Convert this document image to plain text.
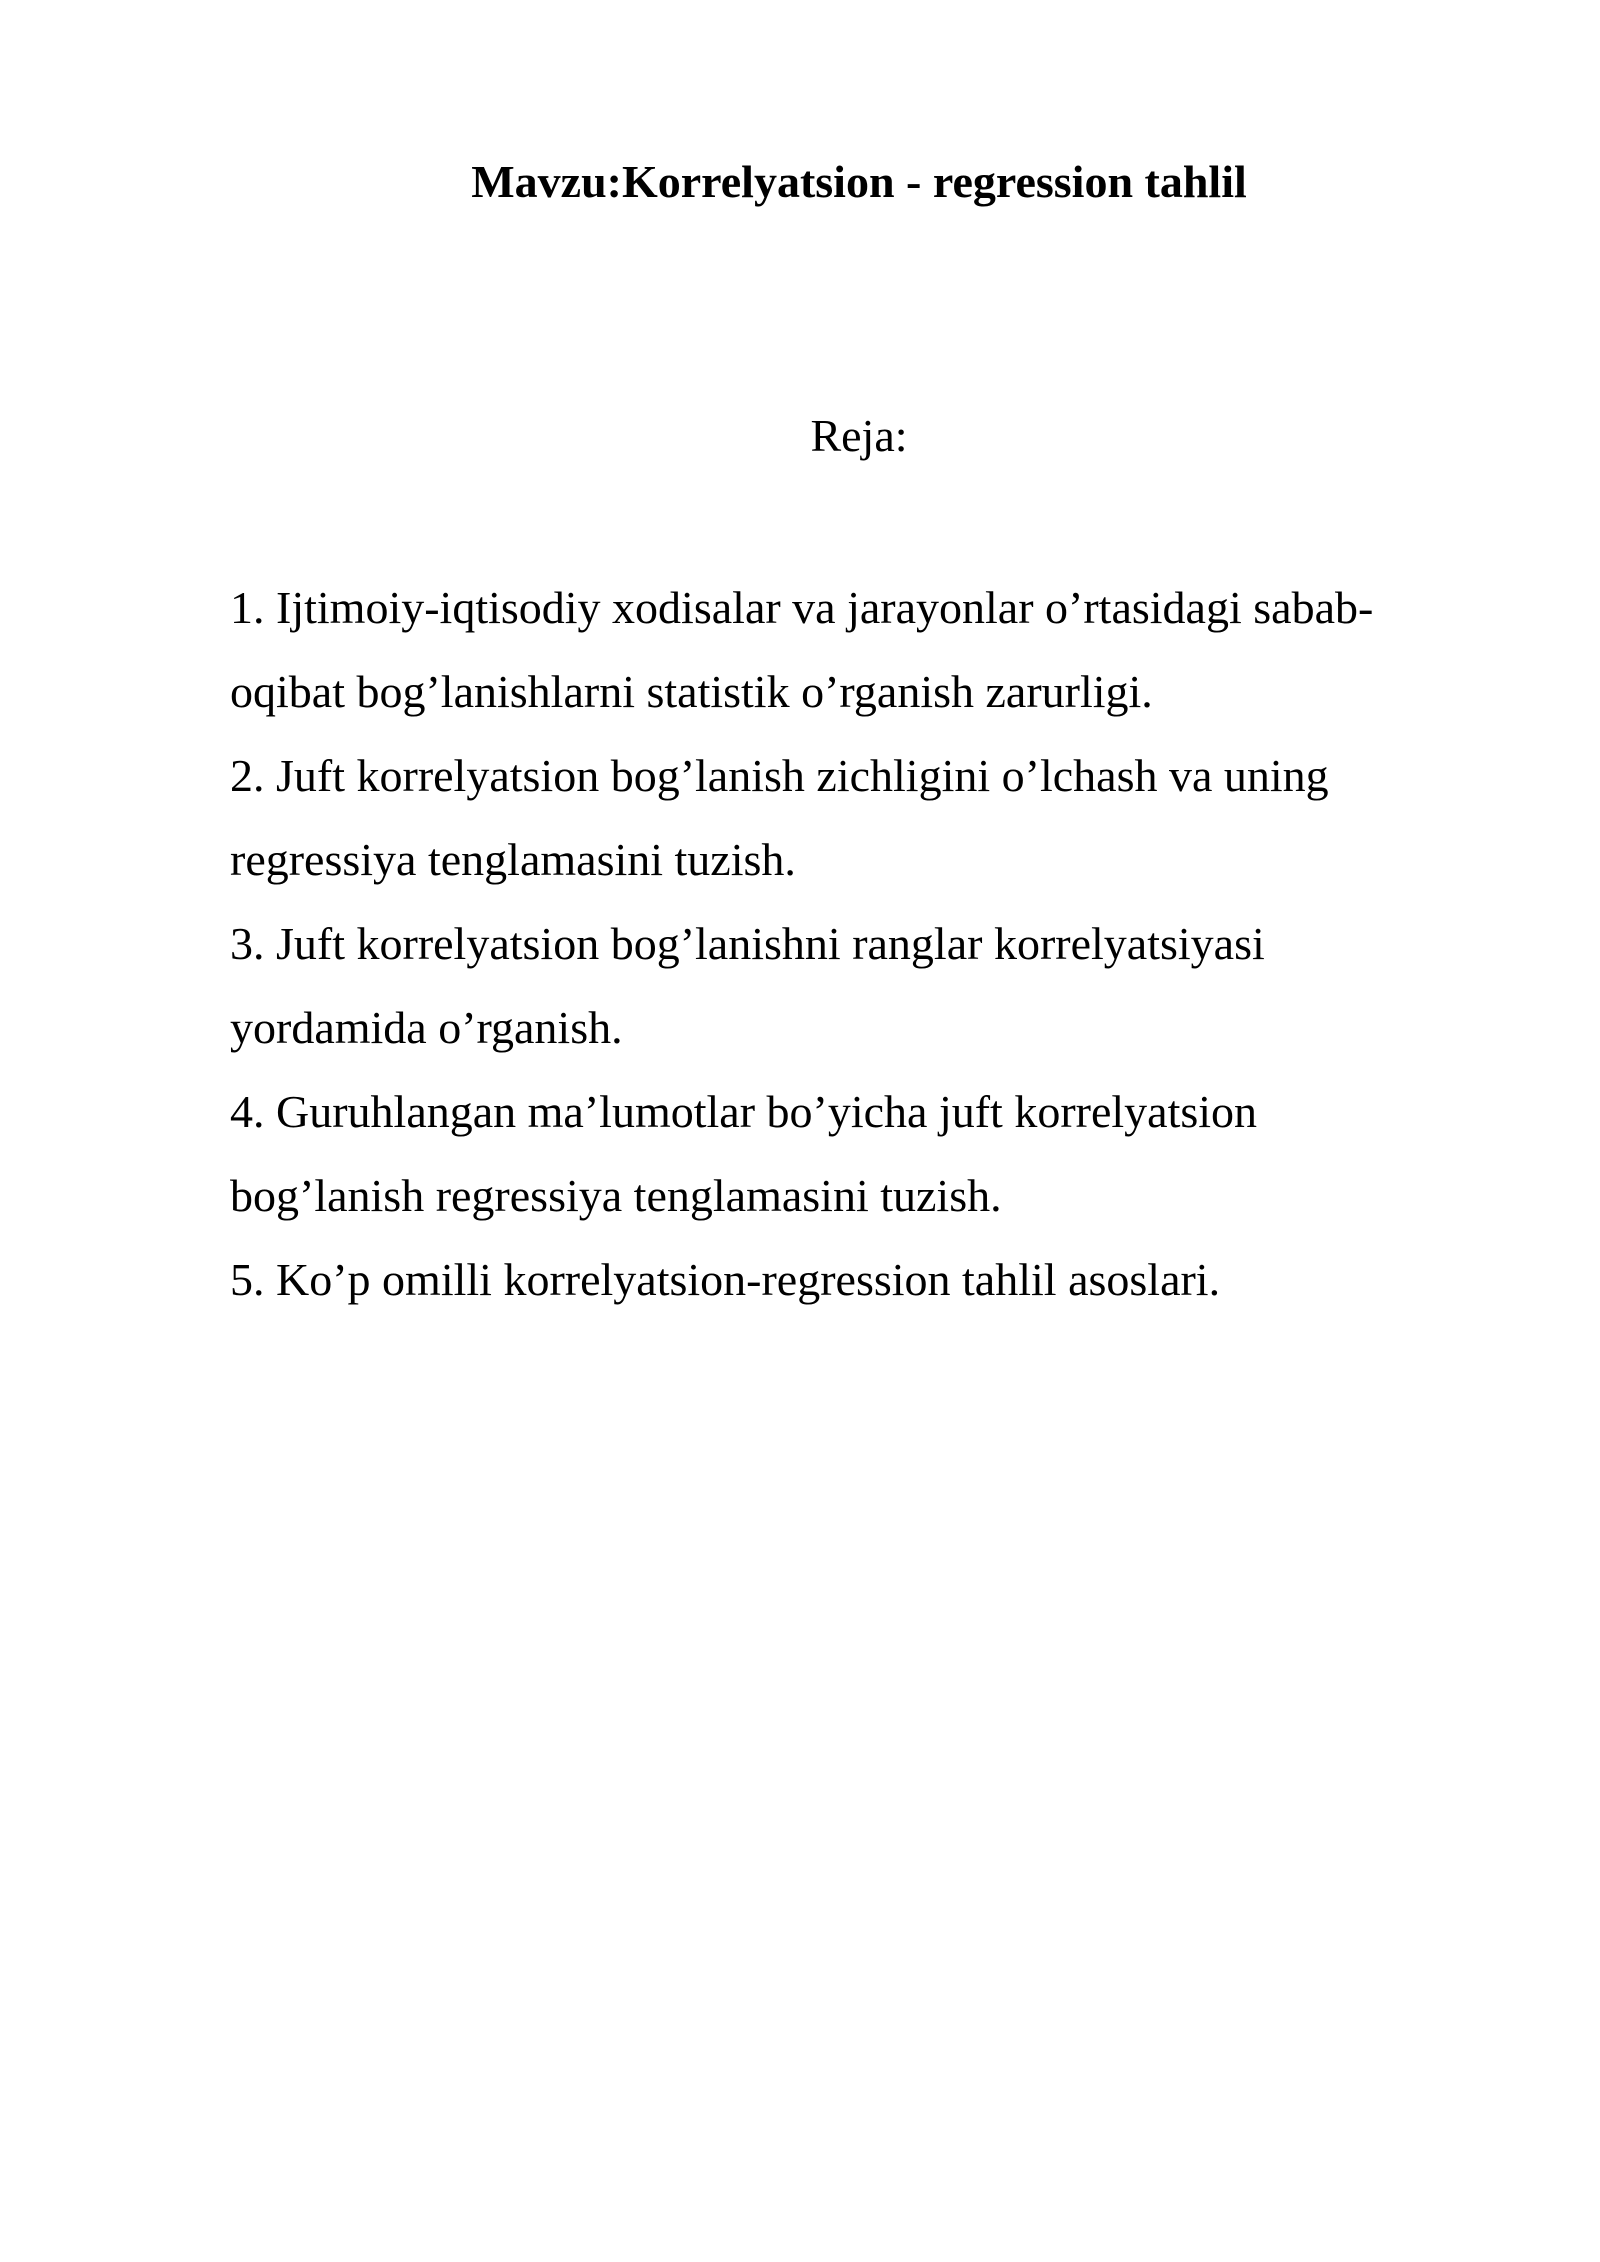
Mavzu:Korrelyatsion - regression tahlil
Reja:
1. Ijtimoiy-iqtisodiy xodisalar va jarayonlar o’rtasidagi sabab-
oqibat bog’lanishlarni statistik o’rganish zarurligi.
2. Juft korrelyatsion bog’lanish zichligini o’lchash va uning
regressiya tenglamasini tuzish.
3. Juft korrelyatsion bog’lanishni ranglar korrelyatsiyasi
yordamida o’rganish.
4. Guruhlangan ma’lumotlar bo’yicha juft korrelyatsion
bog’lanish regressiya tenglamasini tuzish.
5. Ko’p omilli korrelyatsion-regression tahlil asoslari.
